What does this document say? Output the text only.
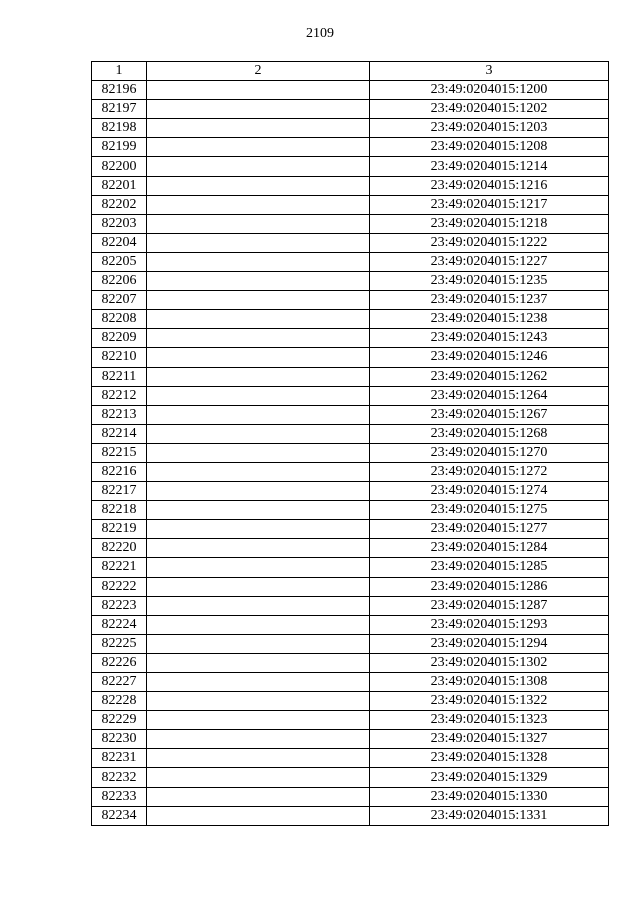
2109
1	2	3
82196		23:49:0204015:1200
82197		23:49:0204015:1202
82198		23:49:0204015:1203
82199		23:49:0204015:1208
82200		23:49:0204015:1214
82201		23:49:0204015:1216
82202		23:49:0204015:1217
82203		23:49:0204015:1218
82204		23:49:0204015:1222
82205		23:49:0204015:1227
82206		23:49:0204015:1235
82207		23:49:0204015:1237
82208		23:49:0204015:1238
82209		23:49:0204015:1243
82210		23:49:0204015:1246
82211		23:49:0204015:1262
82212		23:49:0204015:1264
82213		23:49:0204015:1267
82214		23:49:0204015:1268
82215		23:49:0204015:1270
82216		23:49:0204015:1272
82217		23:49:0204015:1274
82218		23:49:0204015:1275
82219		23:49:0204015:1277
82220		23:49:0204015:1284
82221		23:49:0204015:1285
82222		23:49:0204015:1286
82223		23:49:0204015:1287
82224		23:49:0204015:1293
82225		23:49:0204015:1294
82226		23:49:0204015:1302
82227		23:49:0204015:1308
82228		23:49:0204015:1322
82229		23:49:0204015:1323
82230		23:49:0204015:1327
82231		23:49:0204015:1328
82232		23:49:0204015:1329
82233		23:49:0204015:1330
82234		23:49:0204015:1331
